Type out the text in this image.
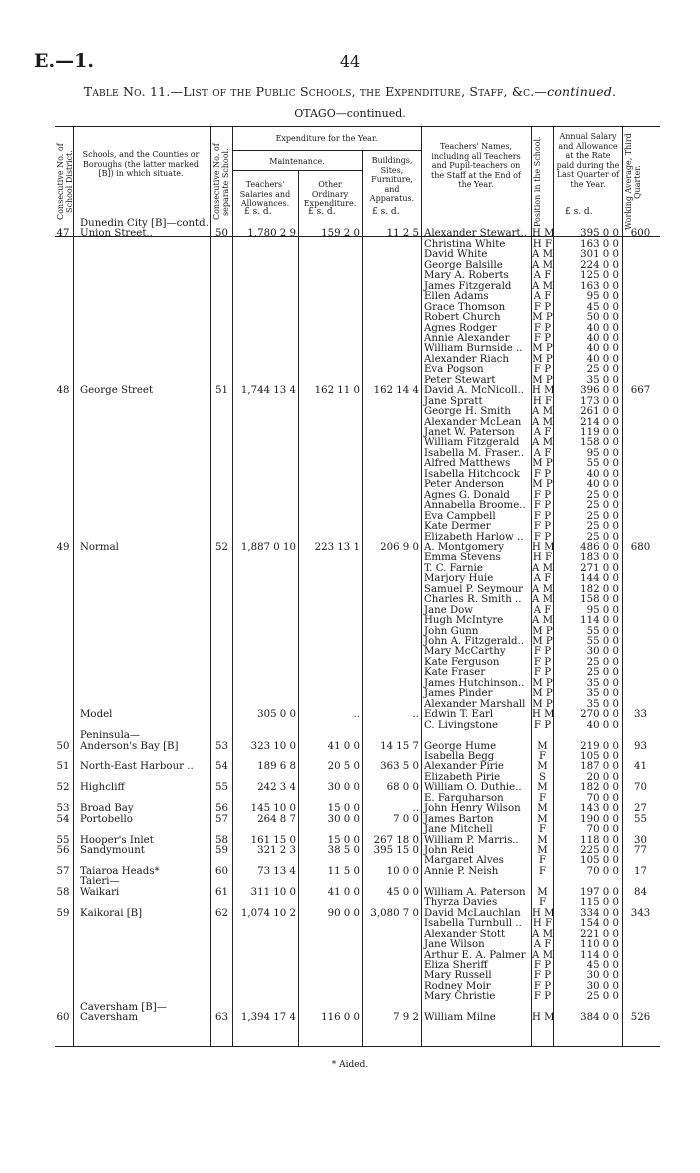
E.—1.	44
Table No. 11.—List of the Public Schools, the Expenditure, Staff, &c.—continued.
OTAGO—continued.
Consecutive No. of School District. Schools, and the Counties or Boroughs (the latter marked [B]) in which situate.	Consecutive No. of separate School.
Expenditure for the Year.
Maintenance.
Teachers' Salaries and Allowances.
Other Ordinary Expenditure.
Buildings, Sites, Furniture, and Apparatus.
Teachers' Names, including all Teachers and Pupil-teachers on the Staff at the End of the Year.	Position in the School.
Annual Salary and Allowance at the Rate paid during the Last Quarter of the Year.	Working Average, Third Quarter.
£ s. d.	£ s. d.	£ s. d.	£ s. d.
Dunedin City [B]—contd.
47 Union Street..	50	1,780 2 9	159 2 0	11 2 5 Alexander Stewart.. H M	395 0 0	600
Christina White	H F	163 0 0
David White	A M	301 0 0
George Balsille	A M	224 0 0
Mary A. Roberts	A F	125 0 0
James Fitzgerald	A M	163 0 0
Ellen Adams	A F	95 0 0
Grace Thomson	F P	45 0 0
Robert Church	M P	50 0 0
Agnes Rodger	F P	40 0 0
Annie Alexander	F P	40 0 0
William Burnside .. M P	40 0 0
Alexander Riach	M P	40 0 0
Eva Pogson	F P	25 0 0
Peter Stewart	M P	35 0 0
48 George Street	51	1,744 13 4	162 11 0	162 14 4 David A. McNicoll.. H M	396 0 0	667
Jane Spratt	H F	173 0 0
George H. Smith	A M	261 0 0
Alexander McLean	A M	214 0 0
Janet W. Paterson	A F	119 0 0
William Fitzgerald	A M	158 0 0
Isabella M. Fraser.. A F	95 0 0
Alfred Matthews	M P	55 0 0
Isabella Hitchcock	F P	40 0 0
Peter Anderson	M P	40 0 0
Agnes G. Donald	F P	25 0 0
Annabella Broome.. F P	25 0 0
Eva Campbell	F P	25 0 0
Kate Dermer	F P	25 0 0
Elizabeth Harlow ..	F P	25 0 0
49 Normal	52	1,887 0 10	223 13 1	206 9 0 A. Montgomery	H M	486 0 0	680
Emma Stevens	H F	183 0 0
T. C. Farnie	A M	271 0 0
Marjory Huie	A F	144 0 0
Samuel P. Seymour A M	182 0 0
Charles R. Smith ..	A M	158 0 0
Jane Dow	A F	95 0 0
Hugh McIntyre	A M	114 0 0
John Gunn	M P	55 0 0
John A. Fitzgerald.. M P	55 0 0
Mary McCarthy	F P	30 0 0
Kate Ferguson	F P	25 0 0
Kate Fraser	F P	25 0 0
James Hutchinson.. M P	35 0 0
James Pinder	M P	35 0 0
Alexander Marshall M P	35 0 0
Model	305 0 0	..	.. Edwin T. Earl	H M	270 0 0	33
C. Livingstone	F P	40 0 0
Peninsula—
50 Anderson's Bay [B]	53	323 10 0	41 0 0	14 15 7 George Hume	M	219 0 0	93
Isabella Begg	F	105 0 0
51 North-East Harbour ..	54	189 6 8	20 5 0	363 5 0 Alexander Pirie	M	187 0 0	41
Elizabeth Pirie	S	20 0 0
52 Highcliff	55	242 3 4	30 0 0	68 0 0 William O. Duthie..	M	182 0 0	70
E. Farquharson	F	70 0 0
53 Broad Bay	56	145 10 0	15 0 0	.. John Henry Wilson	M	143 0 0	27
54 Portobello	57	264 8 7	30 0 0	7 0 0 James Barton	M	190 0 0	55
Jane Mitchell	F	70 0 0
55 Hooper's Inlet	58	161 15 0	15 0 0	267 18 0 William P. Marris..	M	118 0 0	30
56 Sandymount	59	321 2 3	38 5 0	395 15 0 John Reid	M	225 0 0	77
Margaret Alves	F	105 0 0
57 Taiaroa Heads*	60	73 13 4	11 5 0	10 0 0 Annie P. Neish	F	70 0 0	17
Taieri—
58 Waikari	61	311 10 0	41 0 0	45 0 0 William A. Paterson	M	197 0 0	84
Thyrza Davies	F	115 0 0
59 Kaikorai [B]	62	1,074 10 2	90 0 0	3,080 7 0 David McLauchlan	H M	334 0 0	343
Isabella Turnbull ..	H F	154 0 0
Alexander Stott	A M	221 0 0
Jane Wilson	A F	110 0 0
Arthur E. A. Palmer A M	114 0 0
Eliza Sheriff	F P	45 0 0
Mary Russell	F P	30 0 0
Rodney Moir	F P	30 0 0
Mary Christie	F P	25 0 0
Caversham [B]—
60 Caversham	63	1,394 17 4	116 0 0	7 9 2 William Milne	H M	384 0 0	526
* Aided.
